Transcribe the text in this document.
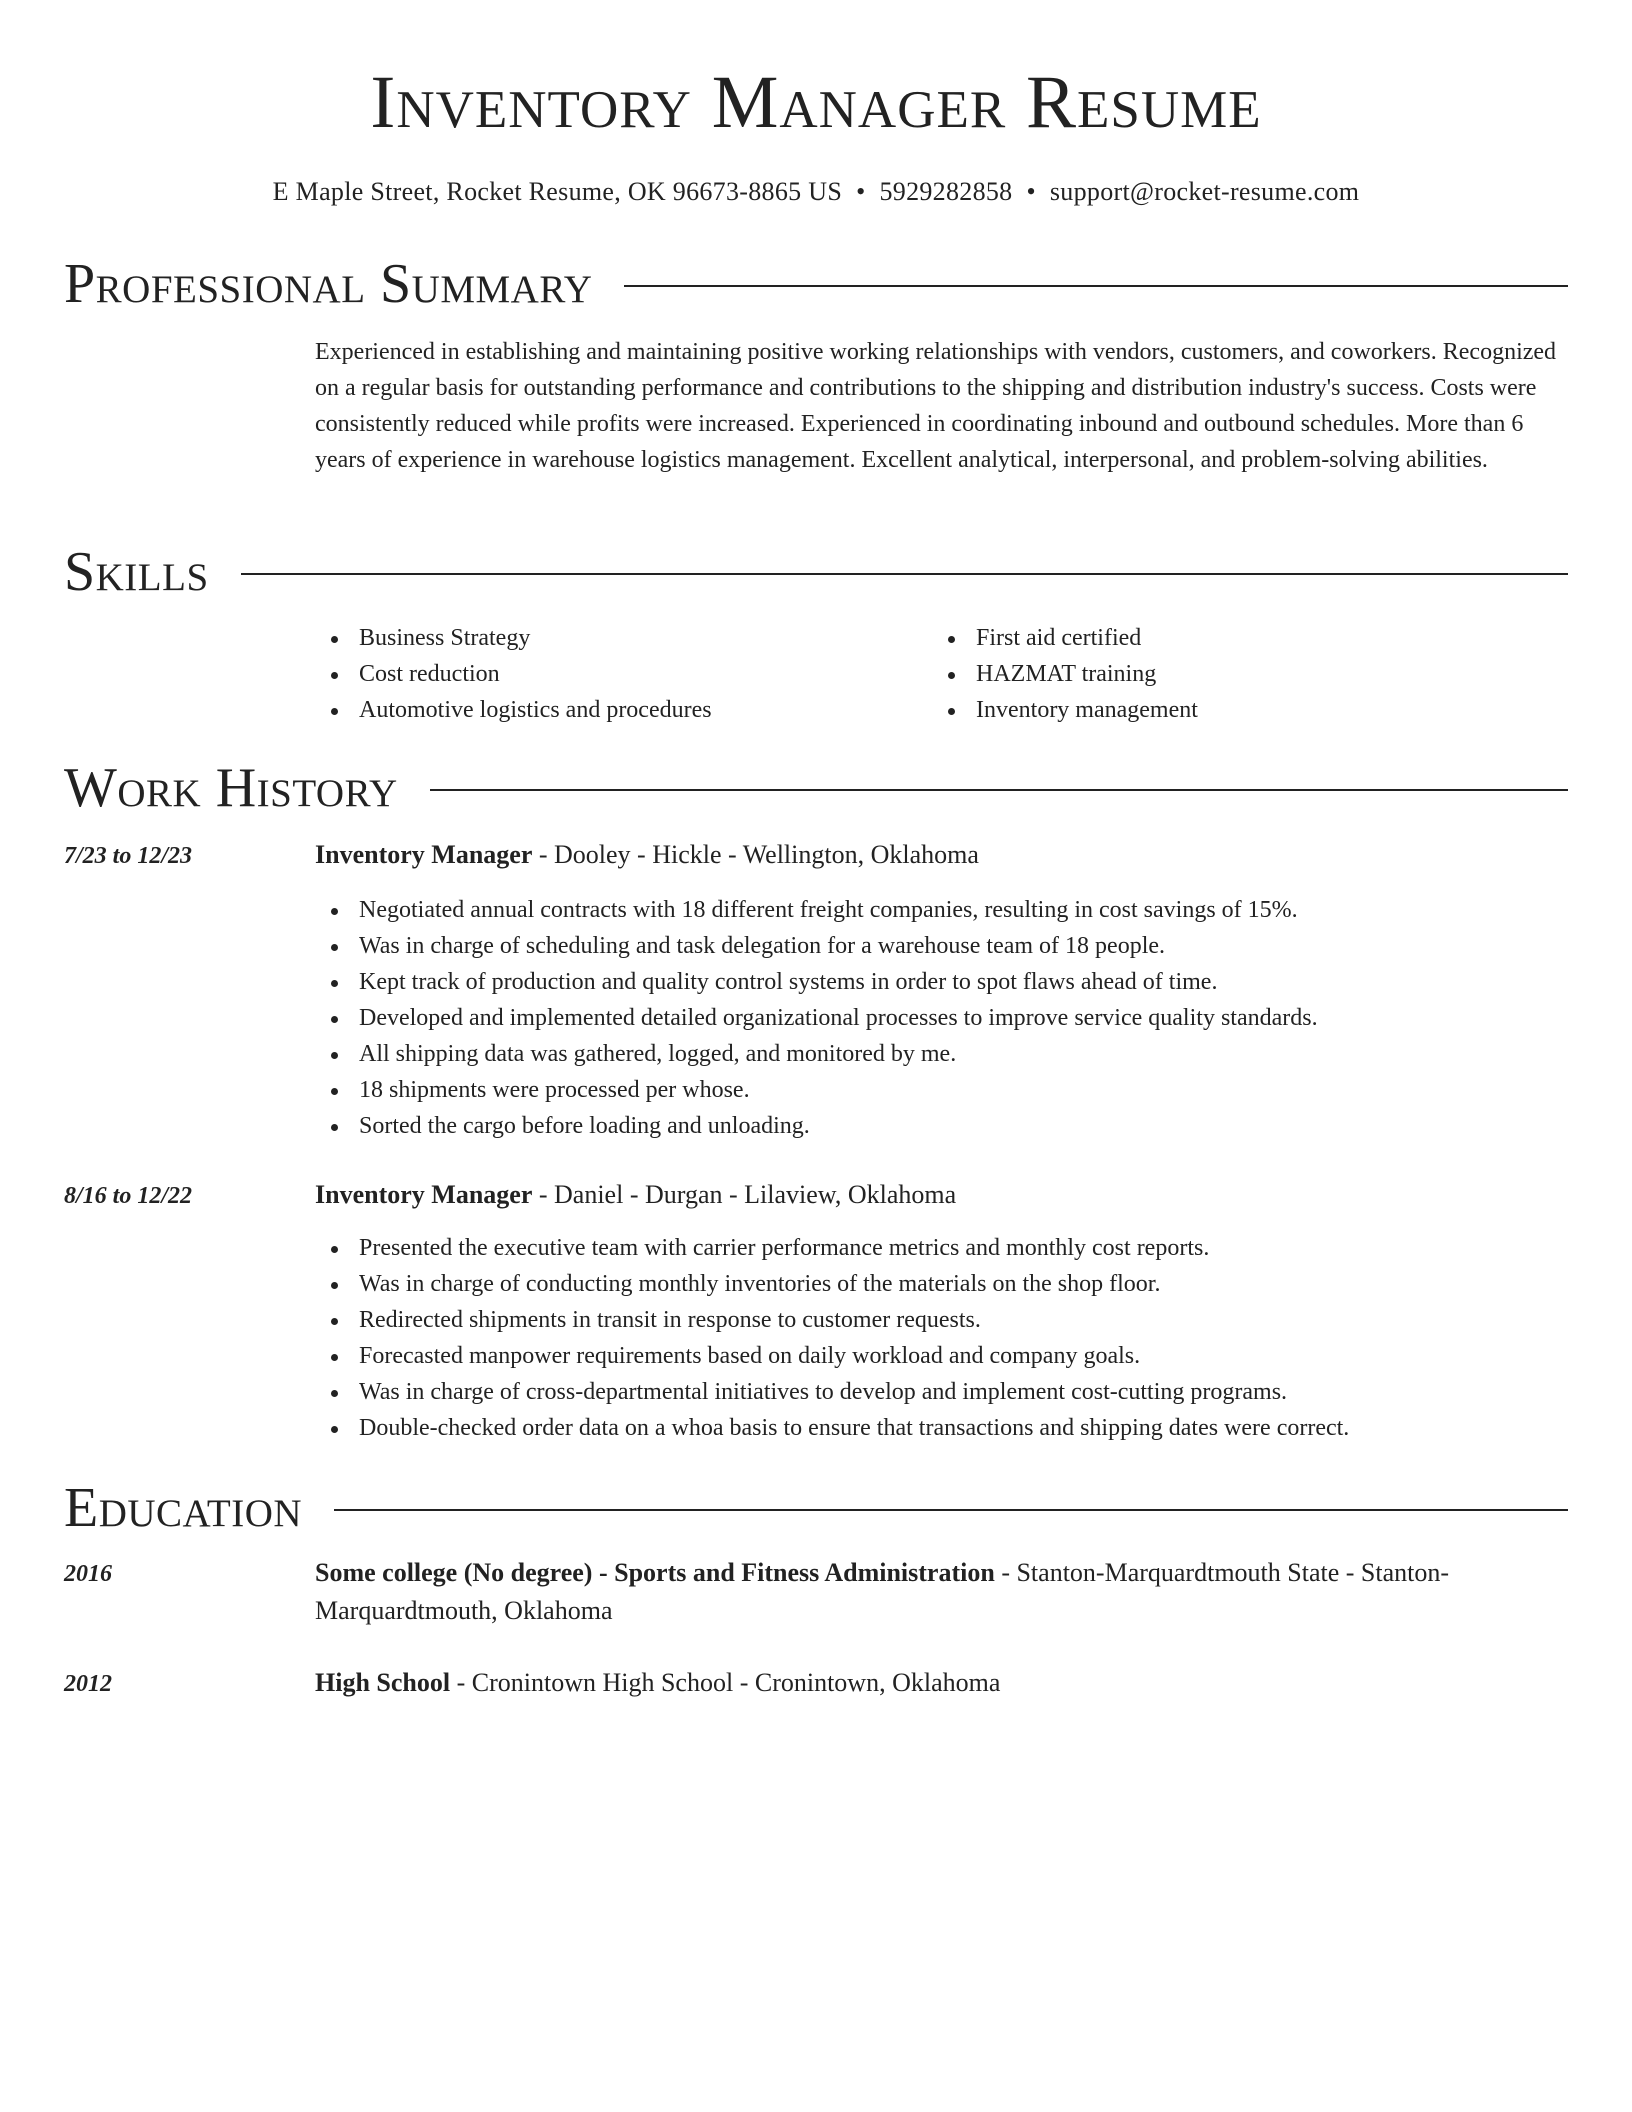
Inventory Manager Resume
E Maple Street, Rocket Resume, OK 96673-8865 US • 5929282858 • support@rocket-resume.com
Professional Summary

Experienced in establishing and maintaining positive working relationships with vendors, customers, and coworkers. Recognized on a regular basis for outstanding performance and contributions to the shipping and distribution industry's success. Costs were consistently reduced while profits were increased. Experienced in coordinating inbound and outbound schedules. More than 6 years of experience in warehouse logistics management. Excellent analytical, interpersonal, and problem-solving abilities.

Skills
Business Strategy
Cost reduction
Automotive logistics and procedures
First aid certified
HAZMAT training
Inventory management
Work History
7/23 to 12/23	Inventory Manager - Dooley - Hickle - Wellington, Oklahoma
Negotiated annual contracts with 18 different freight companies, resulting in cost savings of 15%.
Was in charge of scheduling and task delegation for a warehouse team of 18 people.
Kept track of production and quality control systems in order to spot flaws ahead of time.
Developed and implemented detailed organizational processes to improve service quality standards.
All shipping data was gathered, logged, and monitored by me.
18 shipments were processed per whose.
Sorted the cargo before loading and unloading.
8/16 to 12/22	Inventory Manager - Daniel - Durgan - Lilaview, Oklahoma
Presented the executive team with carrier performance metrics and monthly cost reports.
Was in charge of conducting monthly inventories of the materials on the shop floor.
Redirected shipments in transit in response to customer requests.
Forecasted manpower requirements based on daily workload and company goals.
Was in charge of cross-departmental initiatives to develop and implement cost-cutting programs.
Double-checked order data on a whoa basis to ensure that transactions and shipping dates were correct.
Education
2016	Some college (No degree) - Sports and Fitness Administration - Stanton-Marquardtmouth State - Stanton-Marquardtmouth, Oklahoma
2012	High School - Cronintown High School - Cronintown, Oklahoma
